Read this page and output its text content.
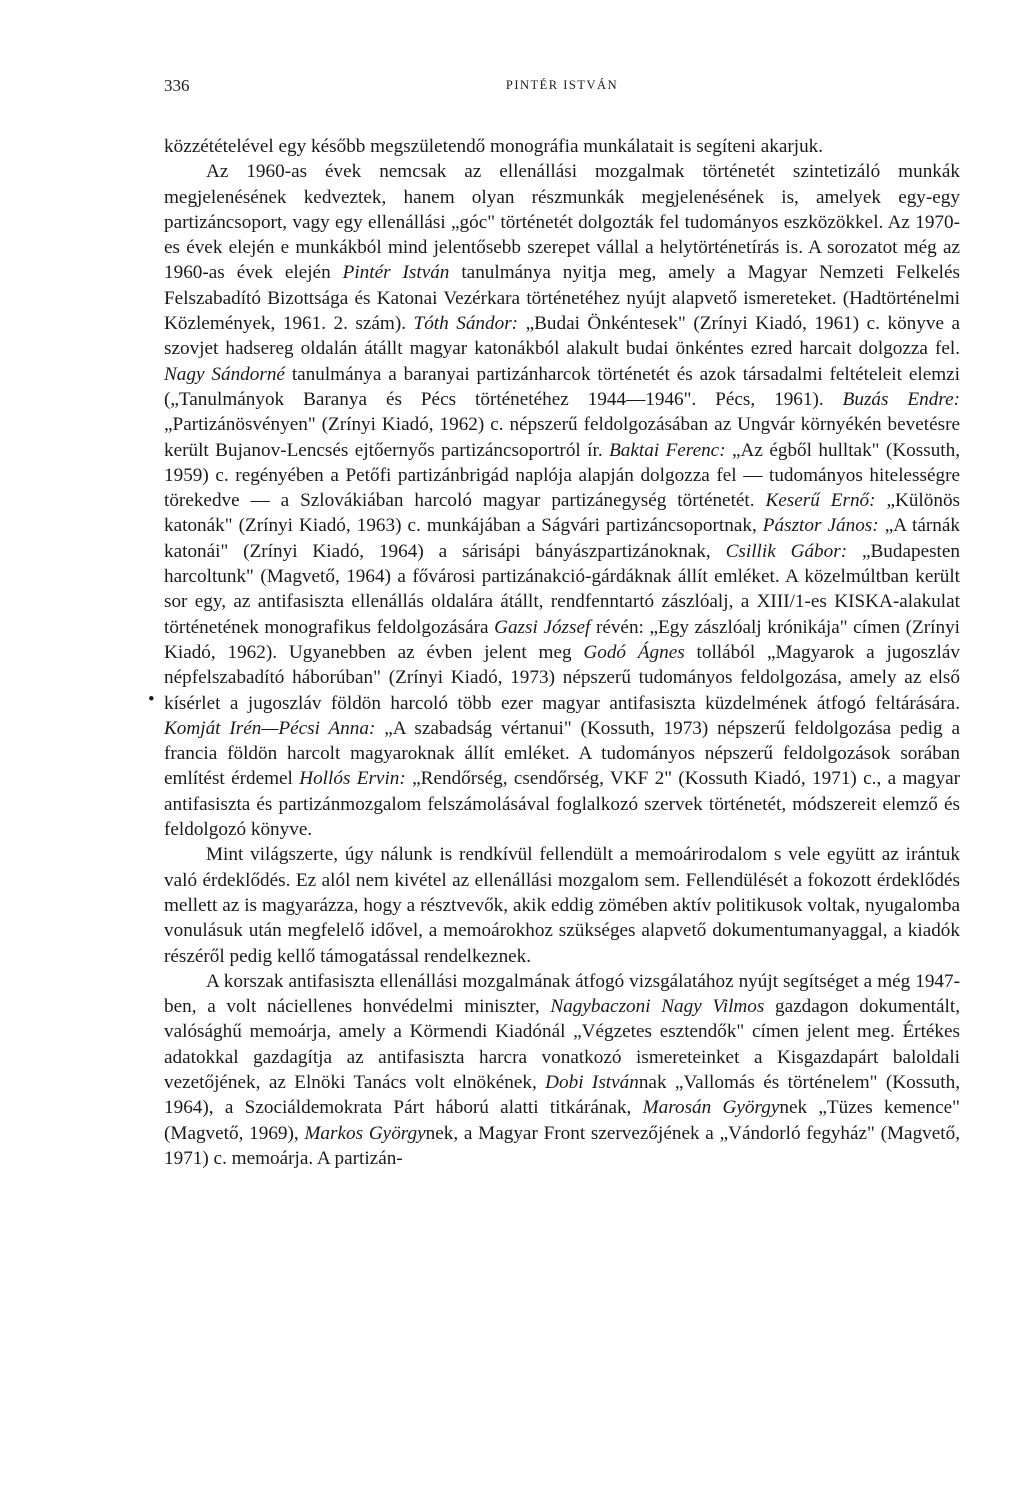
336	PINTÉR ISTVÁN
•

közzétételével egy később megszületendő monográfia munkálatait is segíteni akarjuk.

Az 1960-as évek nemcsak az ellenállási mozgalmak történetét szintetizáló munkák megjelenésének kedveztek, hanem olyan részmunkák megjelenésének is, amelyek egy-egy partizáncsoport, vagy egy ellenállási „góc" történetét dolgozták fel tudományos eszközökkel. Az 1970-es évek elején e munkákból mind jelentősebb szerepet vállal a helytörténetírás is. A sorozatot még az 1960-as évek elején Pintér István tanulmánya nyitja meg, amely a Magyar Nemzeti Felkelés Felszabadító Bizottsága és Katonai Vezérkara történetéhez nyújt alapvető ismereteket. (Hadtörténelmi Közlemények, 1961. 2. szám). Tóth Sándor: „Budai Önkéntesek" (Zrínyi Kiadó, 1961) c. könyve a szovjet hadsereg oldalán átállt magyar katonákból alakult budai önkéntes ezred harcait dolgozza fel. Nagy Sándorné tanulmánya a baranyai partizánharcok történetét és azok társadalmi feltételeit elemzi („Tanulmányok Baranya és Pécs történetéhez 1944—1946". Pécs, 1961). Buzás Endre: „Partizánösvényen" (Zrínyi Kiadó, 1962) c. népszerű feldolgozásában az Ungvár környékén bevetésre került Bujanov-Lencsés ejtőernyős partizáncsoportról ír. Baktai Ferenc: „Az égből hulltak" (Kossuth, 1959) c. regényében a Petőfi partizánbrigád naplója alapján dolgozza fel — tudományos hitelességre törekedve — a Szlovákiában harcoló magyar partizánegység történetét. Keserű Ernő: „Különös katonák" (Zrínyi Kiadó, 1963) c. munkájában a Ságvári partizáncsoportnak, Pásztor János: „A tárnák katonái" (Zrínyi Kiadó, 1964) a sárisápi bányászpartizánoknak, Csillik Gábor: „Budapesten harcoltunk" (Magvető, 1964) a fővárosi partizánakció-gárdáknak állít emléket. A közelmúltban került sor egy, az antifasiszta ellenállás oldalára átállt, rendfenntartó zászlóalj, a XIII/1-es KISKA-alakulat történetének monografikus feldolgozására Gazsi József révén: „Egy zászlóalj krónikája" címen (Zrínyi Kiadó, 1962). Ugyanebben az évben jelent meg Godó Ágnes tollából „Magyarok a jugoszláv népfelszabadító háborúban" (Zrínyi Kiadó, 1973) népszerű tudományos feldolgozása, amely az első kísérlet a jugoszláv földön harcoló több ezer magyar antifasiszta küzdelmének átfogó feltárására. Komját Irén—Pécsi Anna: „A szabadság vértanui" (Kossuth, 1973) népszerű feldolgozása pedig a francia földön harcolt magyaroknak állít emléket. A tudományos népszerű feldolgozások sorában említést érdemel Hollós Ervin: „Rendőrség, csendőrség, VKF 2" (Kossuth Kiadó, 1971) c., a magyar antifasiszta és partizánmozgalom felszámolásával foglalkozó szervek történetét, módszereit elemző és feldolgozó könyve.

Mint világszerte, úgy nálunk is rendkívül fellendült a memoárirodalom s vele együtt az irántuk való érdeklődés. Ez alól nem kivétel az ellenállási mozgalom sem. Fellendülését a fokozott érdeklődés mellett az is magyarázza, hogy a résztvevők, akik eddig zömében aktív politikusok voltak, nyugalomba vonulásuk után megfelelő idővel, a memoárokhoz szükséges alapvető dokumentumanyaggal, a kiadók részéről pedig kellő támogatással rendelkeznek.

A korszak antifasiszta ellenállási mozgalmának átfogó vizsgálatához nyújt segítséget a még 1947-ben, a volt náciellenes honvédelmi miniszter, Nagybaczoni Nagy Vilmos gazdagon dokumentált, valósághű memoárja, amely a Körmendi Kiadónál „Végzetes esztendők" címen jelent meg. Értékes adatokkal gazdagítja az antifasiszta harcra vonatkozó ismereteinket a Kisgazdapárt baloldali vezetőjének, az Elnöki Tanács volt elnökének, Dobi Istvánnak „Vallomás és történelem" (Kossuth, 1964), a Szociáldemokrata Párt háború alatti titkárának, Marosán Györgynek „Tüzes kemence" (Magvető, 1969), Markos Györgynek, a Magyar Front szervezőjének a „Vándorló fegyház" (Magvető, 1971) c. memoárja. A partizán-
